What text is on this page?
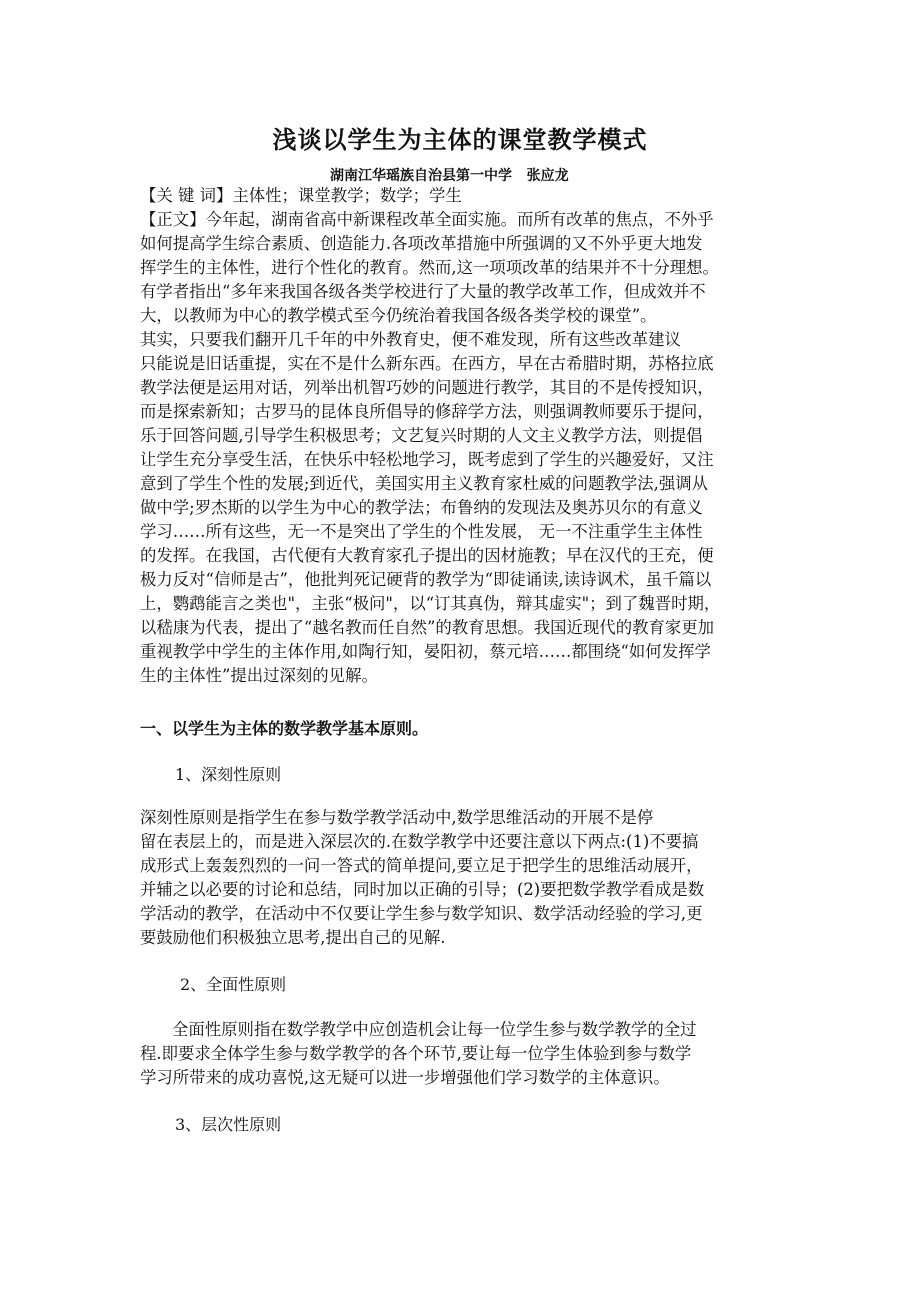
浅谈以学生为主体的课堂教学模式
湖南江华瑶族自治县第一中学   张应龙
【关 键 词】主体性；课堂教学；数学；学生
【正文】今年起，湖南省高中新课程改革全面实施。而所有改革的焦点，不外乎
如何提高学生综合素质、创造能力.各项改革措施中所强调的又不外乎更大地发
挥学生的主体性，进行个性化的教育。然而,这一项项改革的结果并不十分理想。
有学者指出“多年来我国各级各类学校进行了大量的教学改革工作，但成效并不
大，以教师为中心的教学模式至今仍统治着我国各级各类学校的课堂”。
其实，只要我们翻开几千年的中外教育史，便不难发现，所有这些改革建议
只能说是旧话重提，实在不是什么新东西。在西方，早在古希腊时期，苏格拉底
教学法便是运用对话，列举出机智巧妙的问题进行教学，其目的不是传授知识，
而是探索新知；古罗马的昆体良所倡导的修辞学方法，则强调教师要乐于提问，
乐于回答问题,引导学生积极思考；文艺复兴时期的人文主义教学方法，则提倡
让学生充分享受生活，在快乐中轻松地学习，既考虑到了学生的兴趣爱好，又注
意到了学生个性的发展;到近代，美国实用主义教育家杜威的问题教学法,强调从
做中学;罗杰斯的以学生为中心的教学法；布鲁纳的发现法及奥苏贝尔的有意义
学习……所有这些，无一不是突出了学生的个性发展， 无一不注重学生主体性
的发挥。在我国，古代便有大教育家孔子提出的因材施教；早在汉代的王充，便
极力反对“信师是古”，他批判死记硬背的教学为“即徒诵读,读诗讽术，虽千篇以
上，鹦鹉能言之类也"，主张“极问"，以“订其真伪，辩其虚实"；到了魏晋时期，
以嵇康为代表，提出了“越名教而任自然”的教育思想。我国近现代的教育家更加
重视教学中学生的主体作用,如陶行知，晏阳初，蔡元培……都围绕“如何发挥学
生的主体性”提出过深刻的见解。
一、以学生为主体的数学教学基本原则。
1、深刻性原则
深刻性原则是指学生在参与数学教学活动中,数学思维活动的开展不是停
留在表层上的，而是进入深层次的.在数学教学中还要注意以下两点:(1)不要搞
成形式上轰轰烈烈的一问一答式的简单提问,要立足于把学生的思维活动展开，
并辅之以必要的讨论和总结，同时加以正确的引导；(2)要把数学教学看成是数
学活动的教学，在活动中不仅要让学生参与数学知识、数学活动经验的学习,更
要鼓励他们积极独立思考,提出自己的见解.
2、全面性原则
全面性原则指在数学教学中应创造机会让每一位学生参与数学教学的全过
程.即要求全体学生参与数学教学的各个环节,要让每一位学生体验到参与数学
学习所带来的成功喜悦,这无疑可以进一步增强他们学习数学的主体意识。
3、层次性原则
